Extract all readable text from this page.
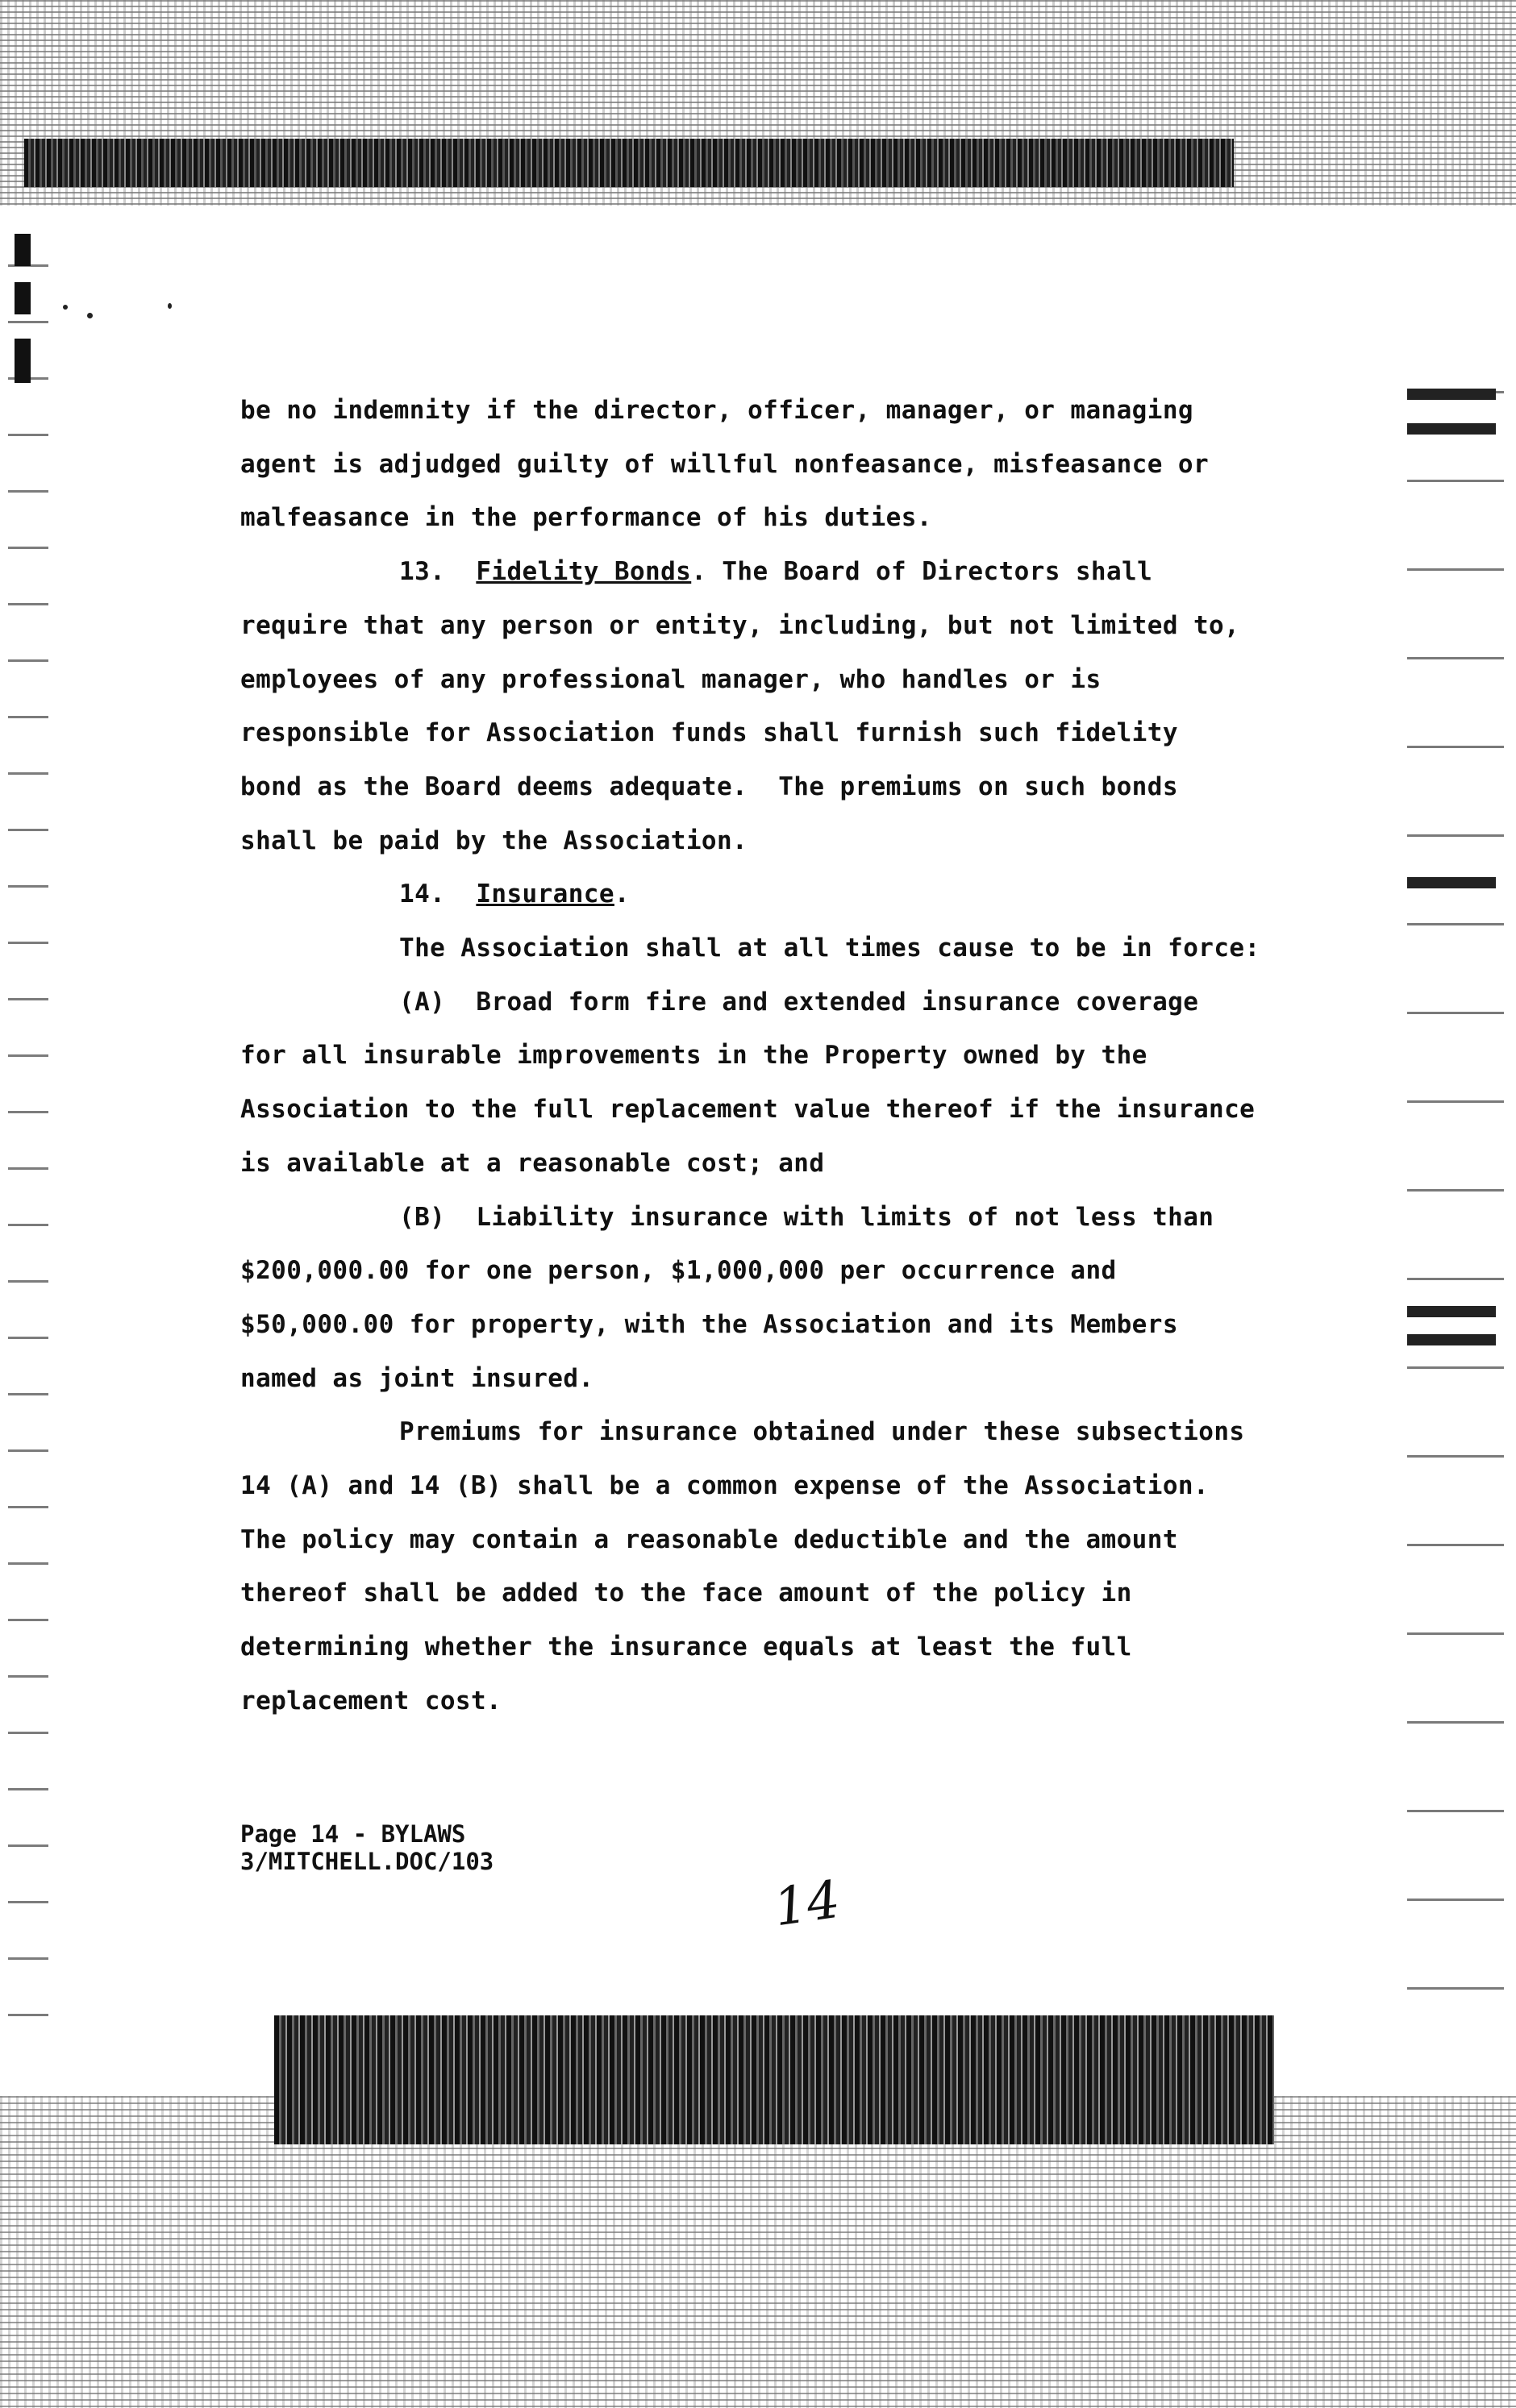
be no indemnity if the director, officer, manager, or managing

agent is adjudged guilty of willful nonfeasance, misfeasance or

malfeasance in the performance of his duties.

13. Fidelity Bonds. The Board of Directors shall

require that any person or entity, including, but not limited to,

employees of any professional manager, who handles or is

responsible for Association funds shall furnish such fidelity

bond as the Board deems adequate.  The premiums on such bonds

shall be paid by the Association.

14. Insurance.

The Association shall at all times cause to be in force:

(A)  Broad form fire and extended insurance coverage

for all insurable improvements in the Property owned by the

Association to the full replacement value thereof if the insurance

is available at a reasonable cost; and

(B)  Liability insurance with limits of not less than

$200,000.00 for one person, $1,000,000 per occurrence and

$50,000.00 for property, with the Association and its Members

named as joint insured.

Premiums for insurance obtained under these subsections

14 (A) and 14 (B) shall be a common expense of the Association.

The policy may contain a reasonable deductible and the amount

thereof shall be added to the face amount of the policy in

determining whether the insurance equals at least the full

replacement cost.

Page 14 - BYLAWS
3/MITCHELL.DOC/103
14
